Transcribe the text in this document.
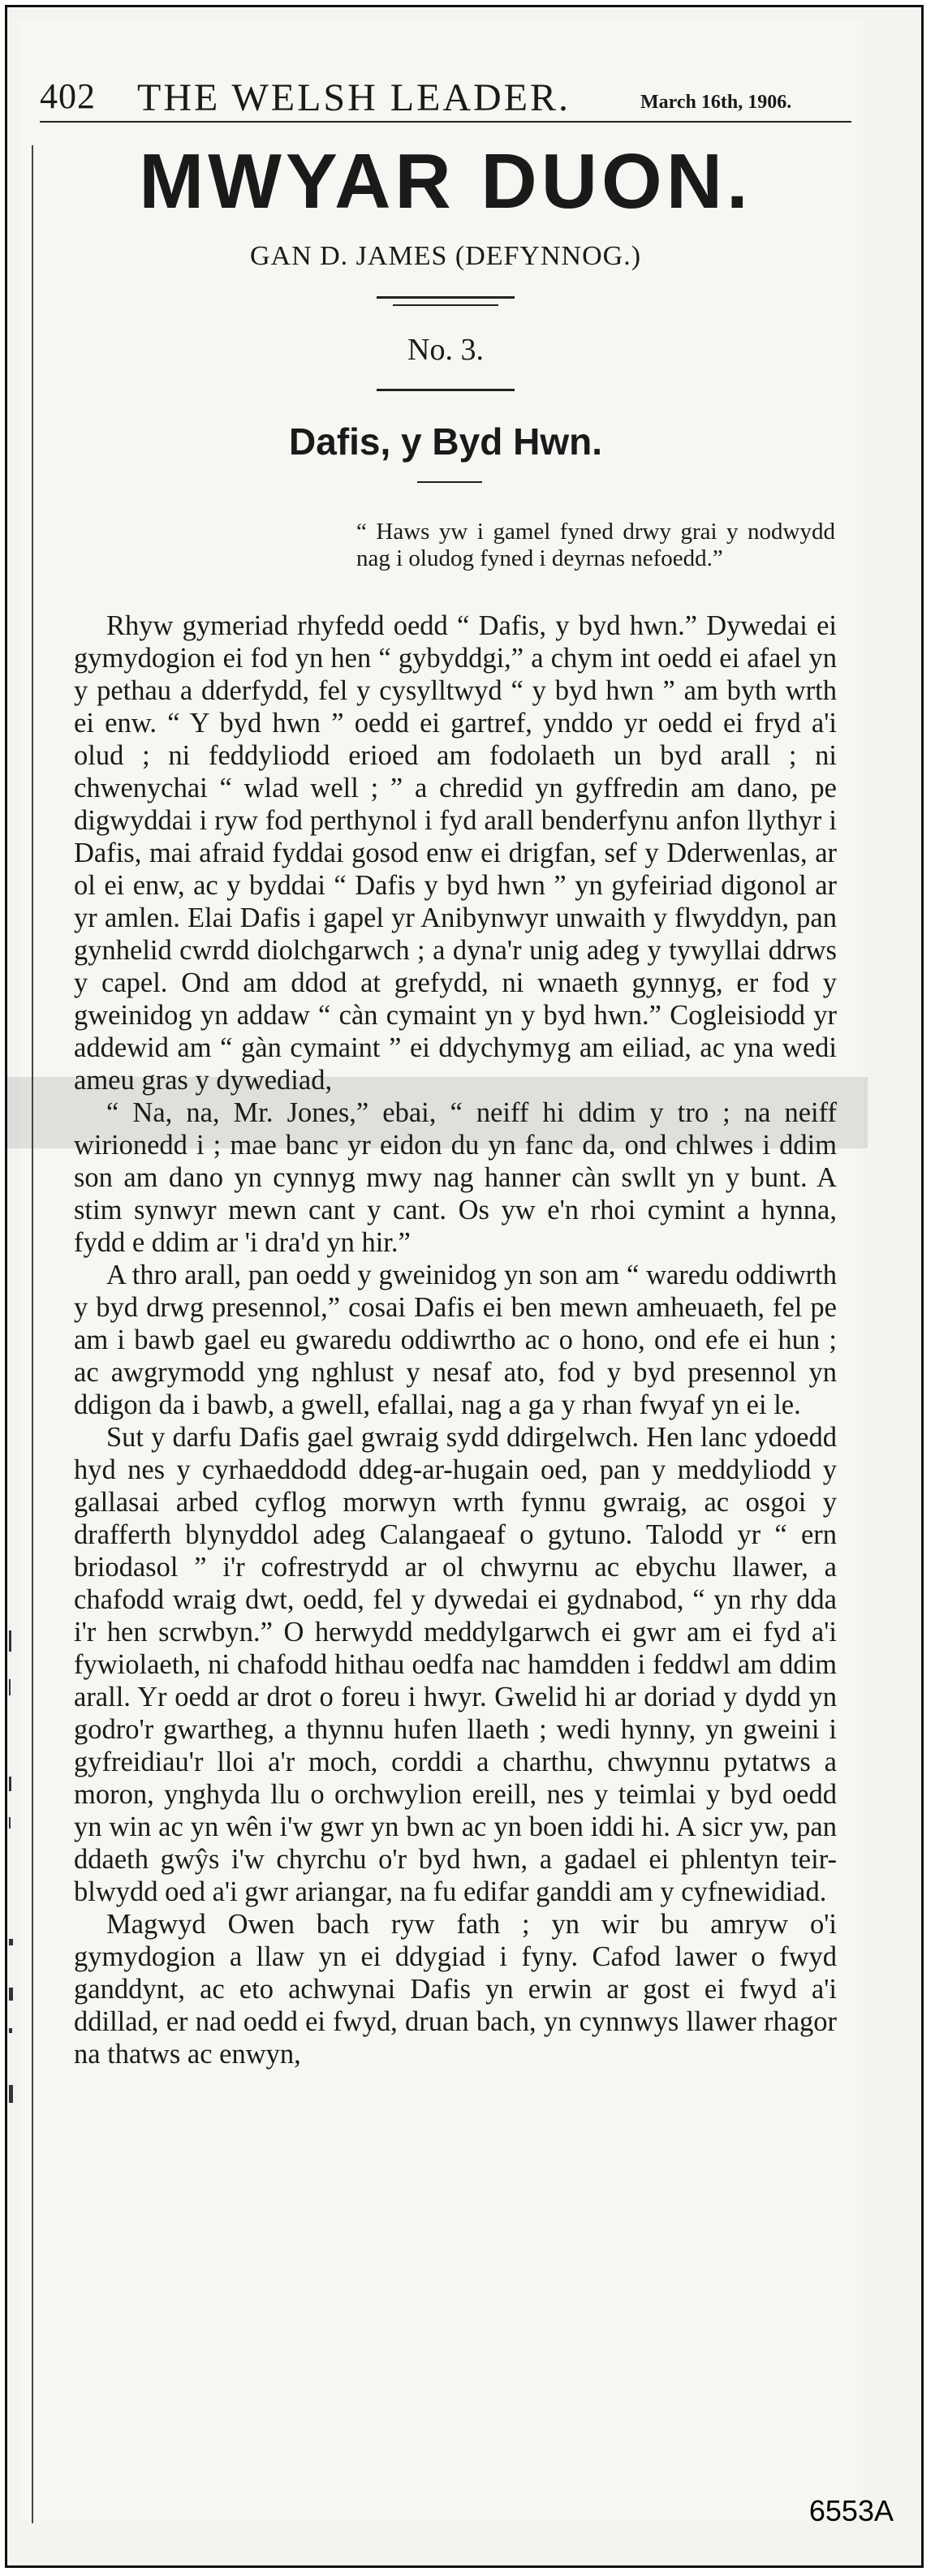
402 THE WELSH LEADER.	March 16th, 1906.
MWYAR DUON.
GAN D. JAMES (DEFYNNOG.)
No. 3.
Dafis, y Byd Hwn.
“ Haws yw i gamel fyned drwy grai y nodwydd nag i oludog fyned i deyrnas nefoedd.”

Rhyw gymeriad rhyfedd oedd “ Dafis, y byd hwn.” Dywedai ei gymydogion ei fod yn hen “ gybyddgi,” a chym int oedd ei afael yn y pethau a dderfydd, fel y cysylltwyd “ y byd hwn ” am byth wrth ei enw. “ Y byd hwn ” oedd ei gartref, ynddo yr oedd ei fryd a'i olud ; ni feddyliodd erioed am fodolaeth un byd arall ; ni chwenychai “ wlad well ; ” a chredid yn gyffredin am dano, pe digwyddai i ryw fod perthynol i fyd arall benderfynu anfon llythyr i Dafis, mai afraid fyddai gosod enw ei drigfan, sef y Dderwenlas, ar ol ei enw, ac y byddai “ Dafis y byd hwn ” yn gyfeiriad digonol ar yr amlen. Elai Dafis i gapel yr Anibynwyr unwaith y flwyddyn, pan gynhelid cwrdd diolchgarwch ; a dyna'r unig adeg y tywyllai ddrws y capel. Ond am ddod at grefydd, ni wnaeth gynnyg, er fod y gweinidog yn addaw “ càn cymaint yn y byd hwn.” Cogleisiodd yr addewid am “ gàn cymaint ” ei ddychymyg am eiliad, ac yna wedi ameu gras y dywediad,

“ Na, na, Mr. Jones,” ebai, “ neiff hi ddim y tro ; na neiff wirionedd i ; mae banc yr eidon du yn fanc da, ond chlwes i ddim son am dano yn cynnyg mwy nag hanner càn swllt yn y bunt. A stim synwyr mewn cant y cant. Os yw e'n rhoi cymint a hynna, fydd e ddim ar 'i dra'd yn hir.”

A thro arall, pan oedd y gweinidog yn son am “ waredu oddiwrth y byd drwg presennol,” cosai Dafis ei ben mewn amheuaeth, fel pe am i bawb gael eu gwaredu oddiwrtho ac o hono, ond efe ei hun ; ac awgrymodd yng nghlust y nesaf ato, fod y byd presennol yn ddigon da i bawb, a gwell, efallai, nag a ga y rhan fwyaf yn ei le.

Sut y darfu Dafis gael gwraig sydd ddirgelwch. Hen lanc ydoedd hyd nes y cyrhaeddodd ddeg-ar-hugain oed, pan y meddyliodd y gallasai arbed cyflog morwyn wrth fynnu gwraig, ac osgoi y drafferth blynyddol adeg Calangaeaf o gytuno. Talodd yr “ ern briodasol ” i'r cofrestrydd ar ol chwyrnu ac ebychu llawer, a chafodd wraig dwt, oedd, fel y dywedai ei gydnabod, “ yn rhy dda i'r hen scrwbyn.” O herwydd meddylgarwch ei gwr am ei fyd a'i fywiolaeth, ni chafodd hithau oedfa nac hamdden i feddwl am ddim arall. Yr oedd ar drot o foreu i hwyr. Gwelid hi ar doriad y dydd yn godro'r gwartheg, a thynnu hufen llaeth ; wedi hynny, yn gweini i gyfreidiau'r lloi a'r moch, corddi a charthu, chwynnu pytatws a moron, ynghyda llu o orchwylion ereill, nes y teimlai y byd oedd yn win ac yn wên i'w gwr yn bwn ac yn boen iddi hi. A sicr yw, pan ddaeth gwŷs i'w chyrchu o'r byd hwn, a gadael ei phlentyn teir-blwydd oed a'i gwr ariangar, na fu edifar ganddi am y cyfnewidiad.

Magwyd Owen bach ryw fath ; yn wir bu amryw o'i gymydogion a llaw yn ei ddygiad i fyny. Cafod lawer o fwyd ganddynt, ac eto achwynai Dafis yn erwin ar gost ei fwyd a'i ddillad, er nad oedd ei fwyd, druan bach, yn cynnwys llawer rhagor na thatws ac enwyn,

6553A
